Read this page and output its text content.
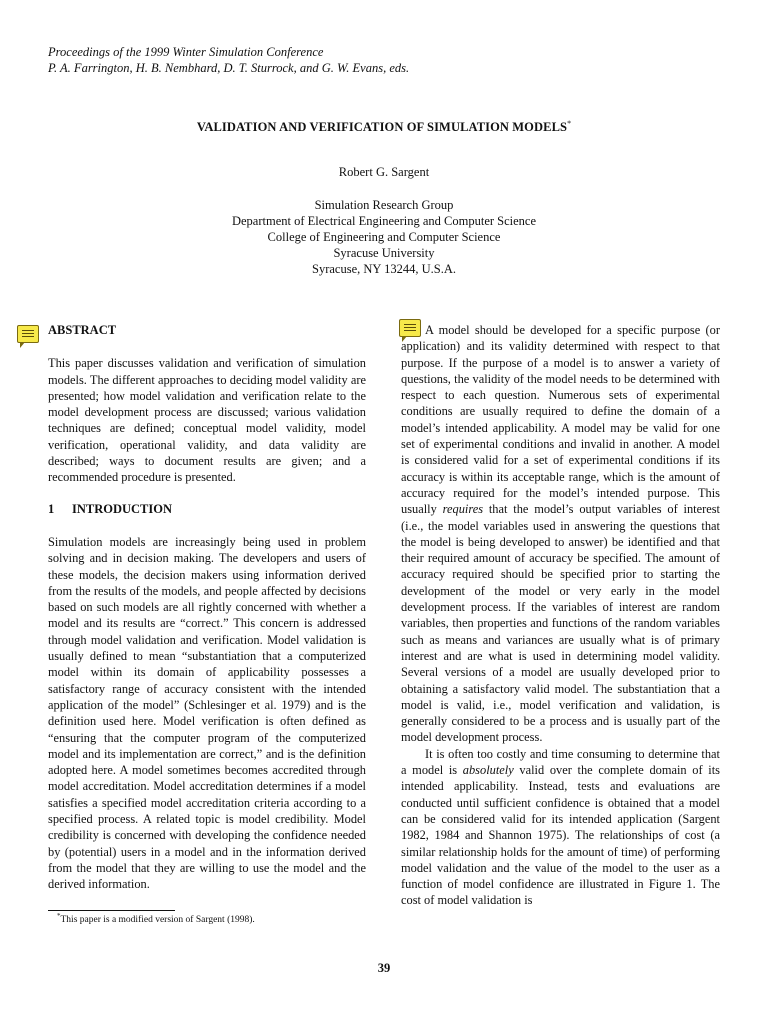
Proceedings of the 1999 Winter Simulation Conference
P. A. Farrington, H. B. Nembhard, D. T. Sturrock, and G. W. Evans, eds.
VALIDATION AND VERIFICATION OF SIMULATION MODELS*
Robert G. Sargent
Simulation Research Group
Department of Electrical Engineering and Computer Science
College of Engineering and Computer Science
Syracuse University
Syracuse, NY 13244, U.S.A.
ABSTRACT

This paper discusses validation and verification of simulation models. The different approaches to deciding model validity are presented; how model validation and verification relate to the model development process are discussed; various validation techniques are defined; conceptual model validity, model verification, operational validity, and data validity are described; ways to document results are given; and a recommended procedure is presented.

1 INTRODUCTION

Simulation models are increasingly being used in problem solving and in decision making. The developers and users of these models, the decision makers using information derived from the results of the models, and people affected by decisions based on such models are all rightly concerned with whether a model and its results are “correct.” This concern is addressed through model validation and verification. Model validation is usually defined to mean “substantiation that a computerized model within its domain of applicability possesses a satisfactory range of accuracy consistent with the intended application of the model” (Schlesinger et al. 1979) and is the definition used here. Model verification is often defined as “ensuring that the computer program of the computerized model and its implementation are correct,” and is the definition adopted here. A model sometimes becomes accredited through model accreditation. Model accreditation determines if a model satisfies a specified model accreditation criteria according to a specified process. A related topic is model credibility. Model credibility is concerned with developing the confidence needed by (potential) users in a model and in the information derived from the model that they are willing to use the model and the derived information.

A model should be developed for a specific purpose (or application) and its validity determined with respect to that purpose. If the purpose of a model is to answer a variety of questions, the validity of the model needs to be determined with respect to each question. Numerous sets of experimental conditions are usually required to define the domain of a model’s intended applicability. A model may be valid for one set of experimental conditions and invalid in another. A model is considered valid for a set of experimental conditions if its accuracy is within its acceptable range, which is the amount of accuracy required for the model’s intended purpose. This usually requires that the model’s output variables of interest (i.e., the model variables used in answering the questions that the model is being developed to answer) be identified and that their required amount of accuracy be specified. The amount of accuracy required should be specified prior to starting the development of the model or very early in the model development process. If the variables of interest are random variables, then properties and functions of the random variables such as means and variances are usually what is of primary interest and are what is used in determining model validity. Several versions of a model are usually developed prior to obtaining a satisfactory valid model. The substantiation that a model is valid, i.e., model verification and validation, is generally considered to be a process and is usually part of the model development process.

It is often too costly and time consuming to determine that a model is absolutely valid over the complete domain of its intended applicability. Instead, tests and evaluations are conducted until sufficient confidence is obtained that a model can be considered valid for its intended application (Sargent 1982, 1984 and Shannon 1975). The relationships of cost (a similar relationship holds for the amount of time) of performing model validation and the value of the model to the user as a function of model confidence are illustrated in Figure 1. The cost of model validation is

*This paper is a modified version of Sargent (1998).
39
